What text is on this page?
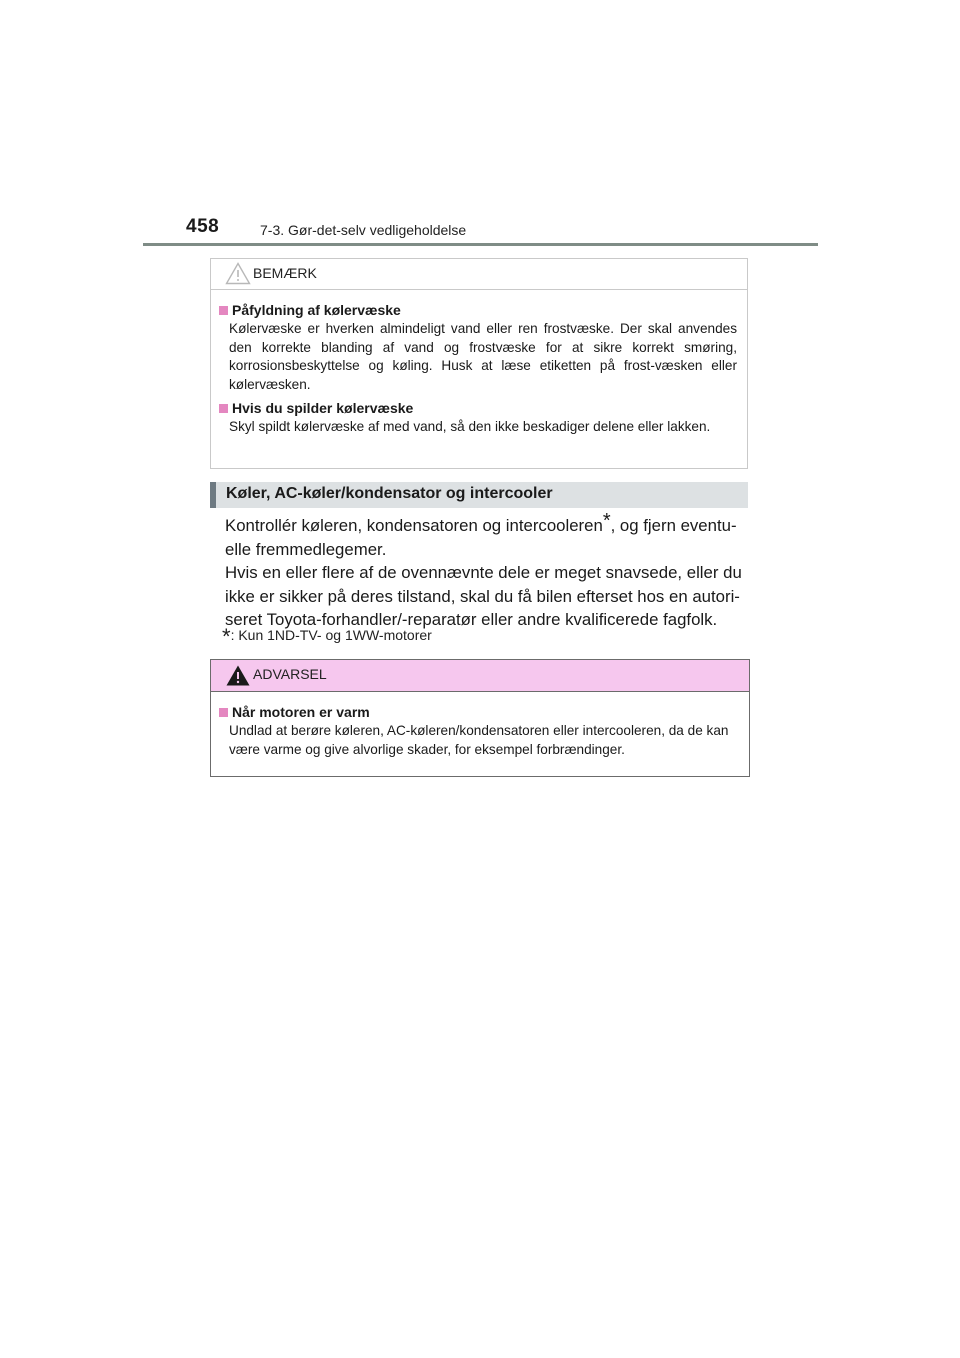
458	7-3. Gør-det-selv vedligeholdelse
BEMÆRK
Påfyldning af kølervæske
Kølervæske er hverken almindeligt vand eller ren frostvæske. Der skal anvendes den korrekte blanding af vand og frostvæske for at sikre korrekt smøring, korrosionsbeskyttelse og køling. Husk at læse etiketten på frost-væsken eller kølervæsken.
Hvis du spilder kølervæske
Skyl spildt kølervæske af med vand, så den ikke beskadiger delene eller lakken.
Køler, AC-køler/kondensator og intercooler

Kontrollér køleren, kondensatoren og intercooleren*, og fjern eventu-elle fremmedlegemer.

Hvis en eller flere af de ovennævnte dele er meget snavsede, eller du ikke er sikker på deres tilstand, skal du få bilen efterset hos en autori-seret Toyota-forhandler/-reparatør eller andre kvalificerede fagfolk.

*: Kun 1ND-TV- og 1WW-motorer
ADVARSEL
Når motoren er varm
Undlad at berøre køleren, AC-køleren/kondensatoren eller intercooleren, da de kan være varme og give alvorlige skader, for eksempel forbrændinger.
